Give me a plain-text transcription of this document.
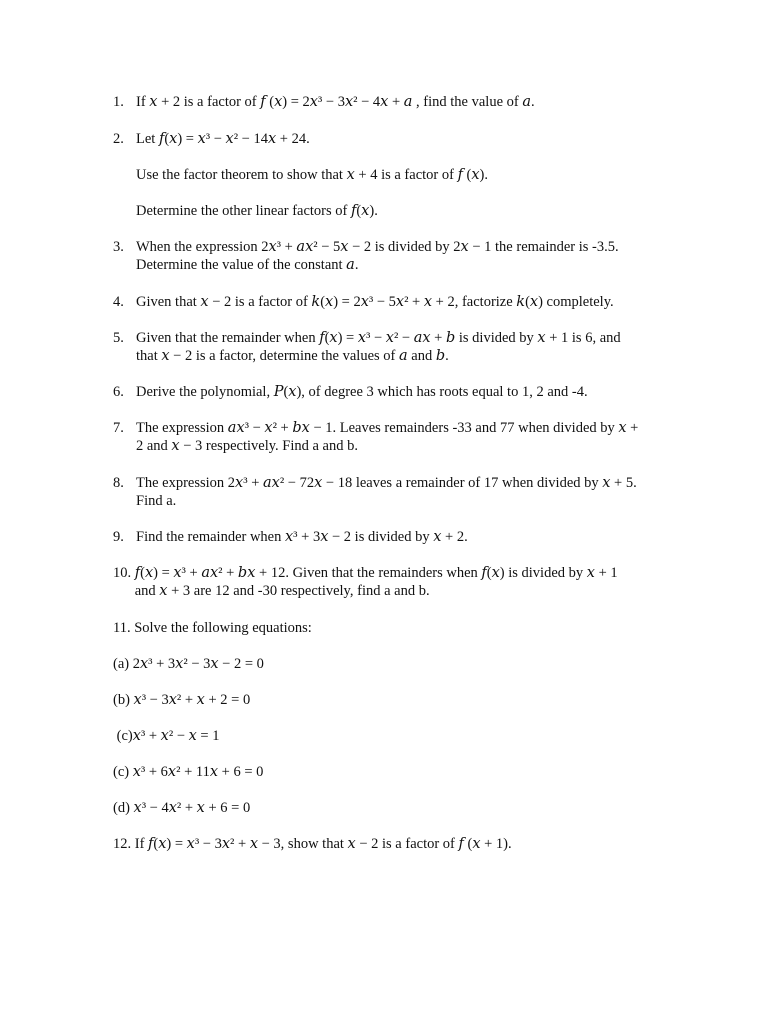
1. If 𝑥 + 2 is a factor of 𝑓 (𝑥) = 2𝑥³ − 3𝑥² − 4𝑥 + 𝑎 , find the value of 𝑎.
2. Let 𝑓(𝑥) = 𝑥³ − 𝑥² − 14𝑥 + 24.
Use the factor theorem to show that 𝑥 + 4 is a factor of 𝑓 (𝑥).
Determine the other linear factors of 𝑓(𝑥).
3. When the expression 2𝑥³ + 𝑎𝑥² − 5𝑥 − 2 is divided by 2𝑥 − 1 the remainder is -3.5.
Determine the value of the constant 𝑎.
4. Given that 𝑥 − 2 is a factor of 𝑘(𝑥) = 2𝑥³ − 5𝑥² + 𝑥 + 2, factorize 𝑘(𝑥) completely.
5. Given that the remainder when 𝑓(𝑥) = 𝑥³ − 𝑥² − 𝑎𝑥 + 𝑏 is divided by 𝑥 + 1 is 6, and
that 𝑥 − 2 is a factor, determine the values of 𝑎 and 𝑏.
6. Derive the polynomial, 𝑃(𝑥), of degree 3 which has roots equal to 1, 2 and -4.
7. The expression 𝑎𝑥³ − 𝑥² + 𝑏𝑥 − 1. Leaves remainders -33 and 77 when divided by 𝑥 +
2 and 𝑥 − 3 respectively. Find a and b.
8. The expression 2𝑥³ + 𝑎𝑥² − 72𝑥 − 18 leaves a remainder of 17 when divided by 𝑥 + 5.
Find a.
9. Find the remainder when 𝑥³ + 3𝑥 − 2 is divided by 𝑥 + 2.
10. 𝑓(𝑥) = 𝑥³ + 𝑎𝑥² + 𝑏𝑥 + 12. Given that the remainders when 𝑓(𝑥) is divided by 𝑥 + 1
and 𝑥 + 3 are 12 and -30 respectively, find a and b.
11. Solve the following equations:
(a) 2𝑥³ + 3𝑥² − 3𝑥 − 2 = 0
(b) 𝑥³ − 3𝑥² + 𝑥 + 2 = 0
(c)𝑥³ + 𝑥² − 𝑥 = 1
(c) 𝑥³ + 6𝑥² + 11𝑥 + 6 = 0
(d) 𝑥³ − 4𝑥² + 𝑥 + 6 = 0
12. If 𝑓(𝑥) = 𝑥³ − 3𝑥² + 𝑥 − 3, show that 𝑥 − 2 is a factor of 𝑓 (𝑥 + 1).
